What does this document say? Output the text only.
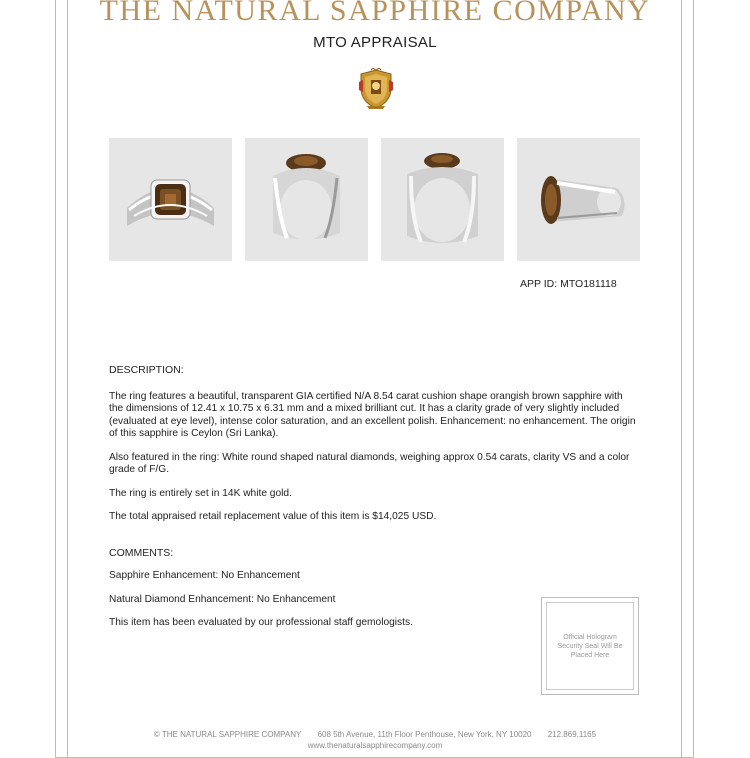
THE NATURAL SAPPHIRE COMPANY
MTO APPRAISAL
APP ID: MTO181118

DESCRIPTION:

The ring features a beautiful, transparent GIA certified N/A 8.54 carat cushion shape orangish brown sapphire with the dimensions of 12.41 x 10.75 x 6.31 mm and a mixed brilliant cut. It has a clarity grade of very slightly included (evaluated at eye level), intense color saturation, and an excellent polish. Enhancement: no enhancement. The origin of this sapphire is Ceylon (Sri Lanka).

Also featured in the ring: White round shaped natural diamonds, weighing approx 0.54 carats, clarity VS and a color grade of F/G.

The ring is entirely set in 14K white gold.

The total appraised retail replacement value of this item is $14,025 USD.

COMMENTS:

Sapphire Enhancement: No Enhancement

Natural Diamond Enhancement: No Enhancement

This item has been evaluated by our professional staff gemologists.

Official Hologram Security Seal Will Be Placed Here
© THE NATURAL SAPPHIRE COMPANY 608 5th Avenue, 11th Floor Penthouse, New York, NY 10020 212.869.1165
www.thenaturalsapphirecompany.com
